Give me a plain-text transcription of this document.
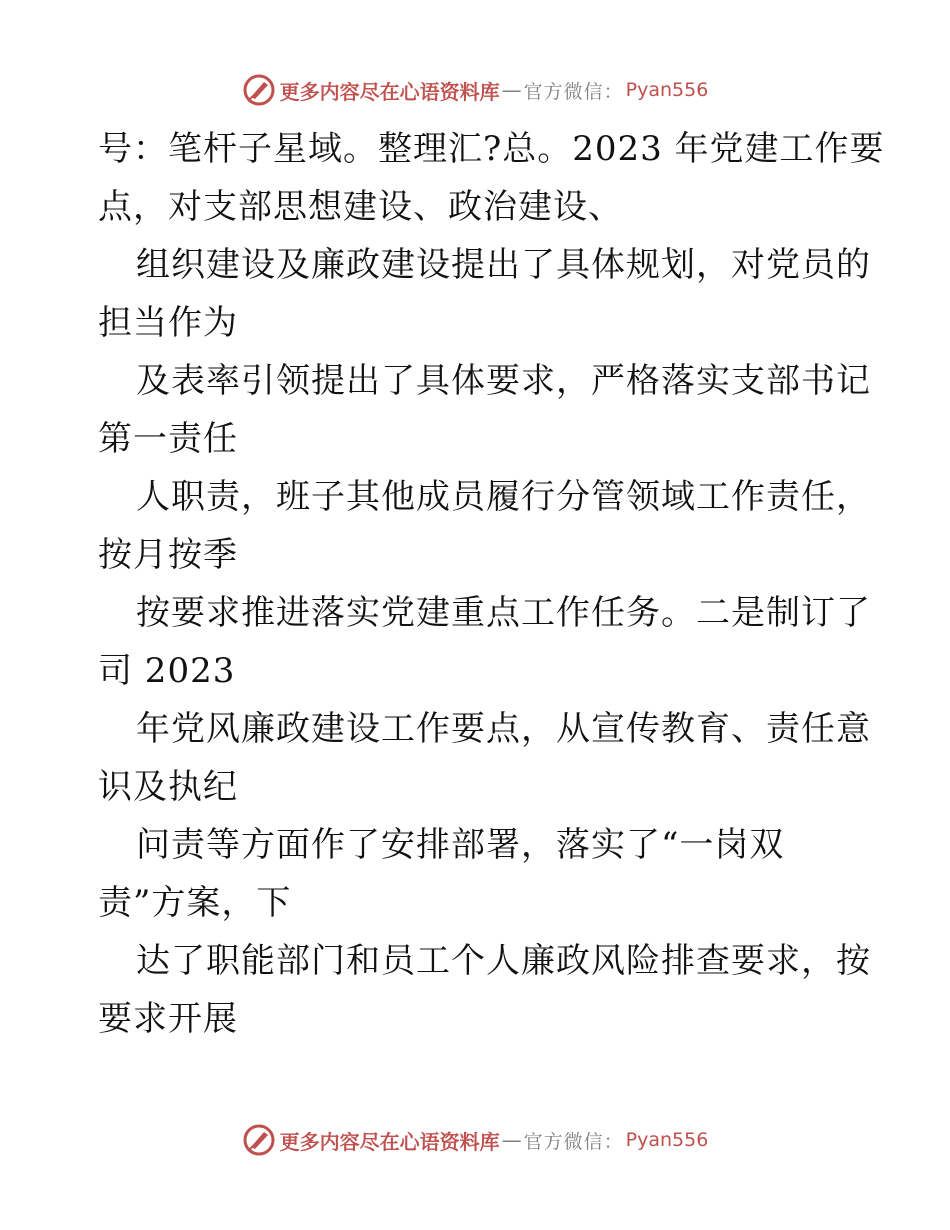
更多内容尽在心语资料库 — 官方微信： Pyan556
号：笔杆子星域。整理汇?总。2023 年党建工作要
点，对支部思想建设、政治建设、
组织建设及廉政建设提出了具体规划，对党员的
担当作为
及表率引领提出了具体要求，严格落实支部书记
第一责任
人职责，班子其他成员履行分管领域工作责任，
按月按季
按要求推进落实党建重点工作任务。二是制订了
司 2023
年党风廉政建设工作要点，从宣传教育、责任意
识及执纪
问责等方面作了安排部署，落实了“一岗双
责”方案，下
达了职能部门和员工个人廉政风险排查要求，按
要求开展
更多内容尽在心语资料库 — 官方微信： Pyan556
